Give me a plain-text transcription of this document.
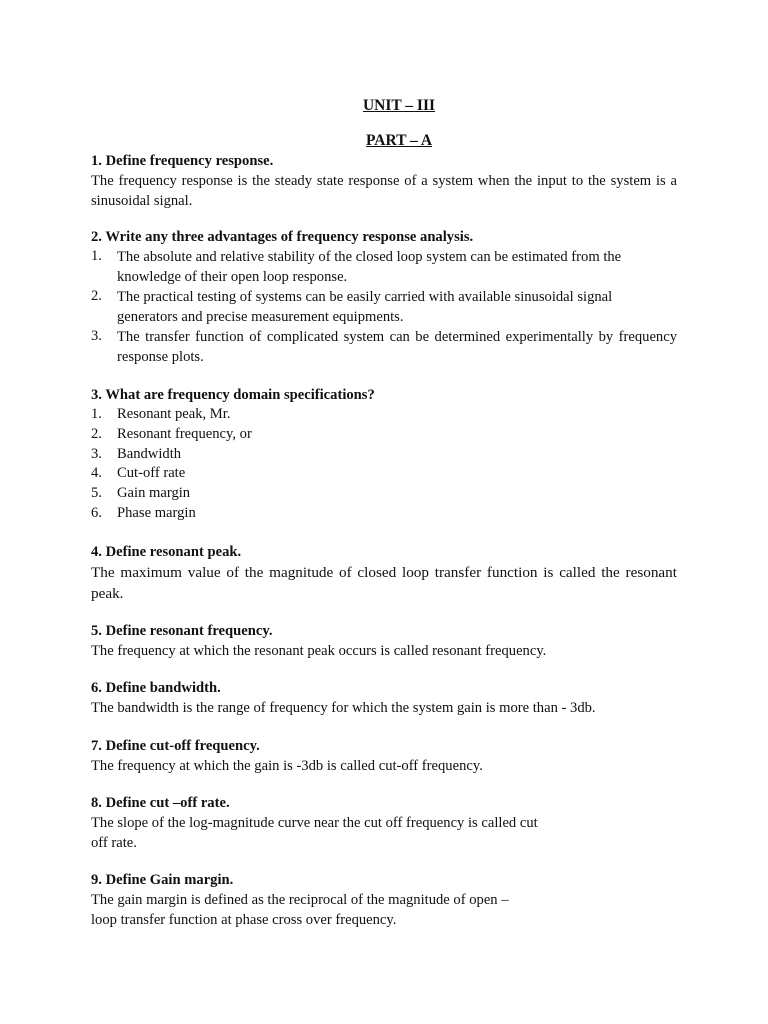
UNIT – III
PART – A

1. Define frequency response.

The frequency response is the steady state response of a system when the input to the system is a sinusoidal signal.

2. Write any three advantages of frequency response analysis.

1. The absolute and relative stability of the closed loop system can be estimated from the knowledge of their open loop response.
2. The practical testing of systems can be easily carried with available sinusoidal signal generators and precise measurement equipments.
3. The transfer function of complicated system can be determined experimentally by frequency response plots.

3. What are frequency domain specifications?

1. Resonant peak, Mr.
2. Resonant frequency, or
3. Bandwidth
4. Cut-off rate
5. Gain margin
6. Phase margin

4. Define resonant peak.

The maximum value of the magnitude of closed loop transfer function is called the resonant peak.

5. Define resonant frequency.

The frequency at which the resonant peak occurs is called resonant frequency.

6. Define bandwidth.

The bandwidth is the range of frequency for which the system gain is more than - 3db.

7. Define cut-off frequency.

The frequency at which the gain is -3db is called cut-off frequency.

8. Define cut –off rate.

The slope of the log-magnitude curve near the cut off frequency is called cut off rate.

9. Define Gain margin.

The gain margin is defined as the reciprocal of the magnitude of open – loop transfer function at phase cross over frequency.
